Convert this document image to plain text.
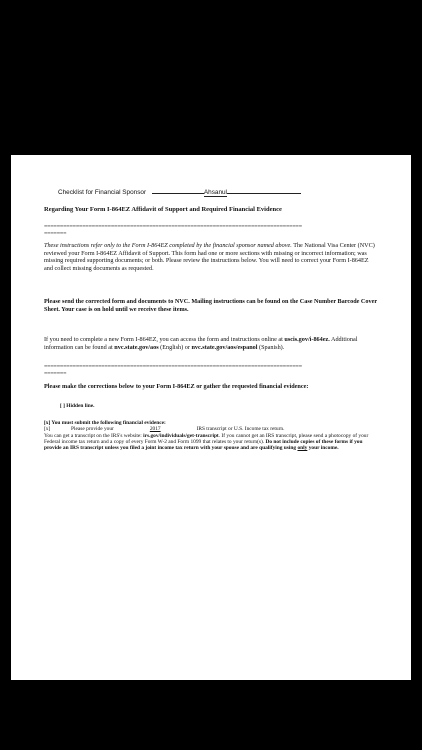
Checklist for Financial Sponsor	Ahsanul
Regarding Your Form I-864EZ Affidavit of Support and Required Financial Evidence
=================================================================================
=======
These instructions refer only to the Form I-864EZ completed by the financial sponsor named above. The National Visa Center (NVC) reviewed your Form I-864EZ Affidavit of Support. This form had one or more sections with missing or incorrect information; was missing required supporting documents; or both. Please review the instructions below. You will need to correct your Form I-864EZ and collect missing documents as requested.
Please send the corrected form and documents to NVC. Mailing instructions can be found on the Case Number Barcode Cover Sheet. Your case is on hold until we receive these items.
If you need to complete a new Form I-864EZ, you can access the form and instructions online at uscis.gov/i-864ez. Additional information can be found at nvc.state.gov/aos (English) or nvc.state.gov/aos/espanol (Spanish).
=================================================================================
=======
Please make the corrections below to your Form I-864EZ or gather the requested financial evidence:
[ ] Hidden line.
[x] You must submit the following financial evidence:
[x]	Please provide your	2017	IRS transcript or U.S. Income tax return.
You can get a transcript on the IRS's website: irs.gov/individuals/get-transcript. If you cannot get an IRS transcript, please send a photocopy of your Federal income tax return and a copy of every Form W-2 and Form 1099 that relates to your return(s). Do not include copies of these forms if you provide an IRS transcript unless you filed a joint income tax return with your spouse and are qualifying using only your income.
